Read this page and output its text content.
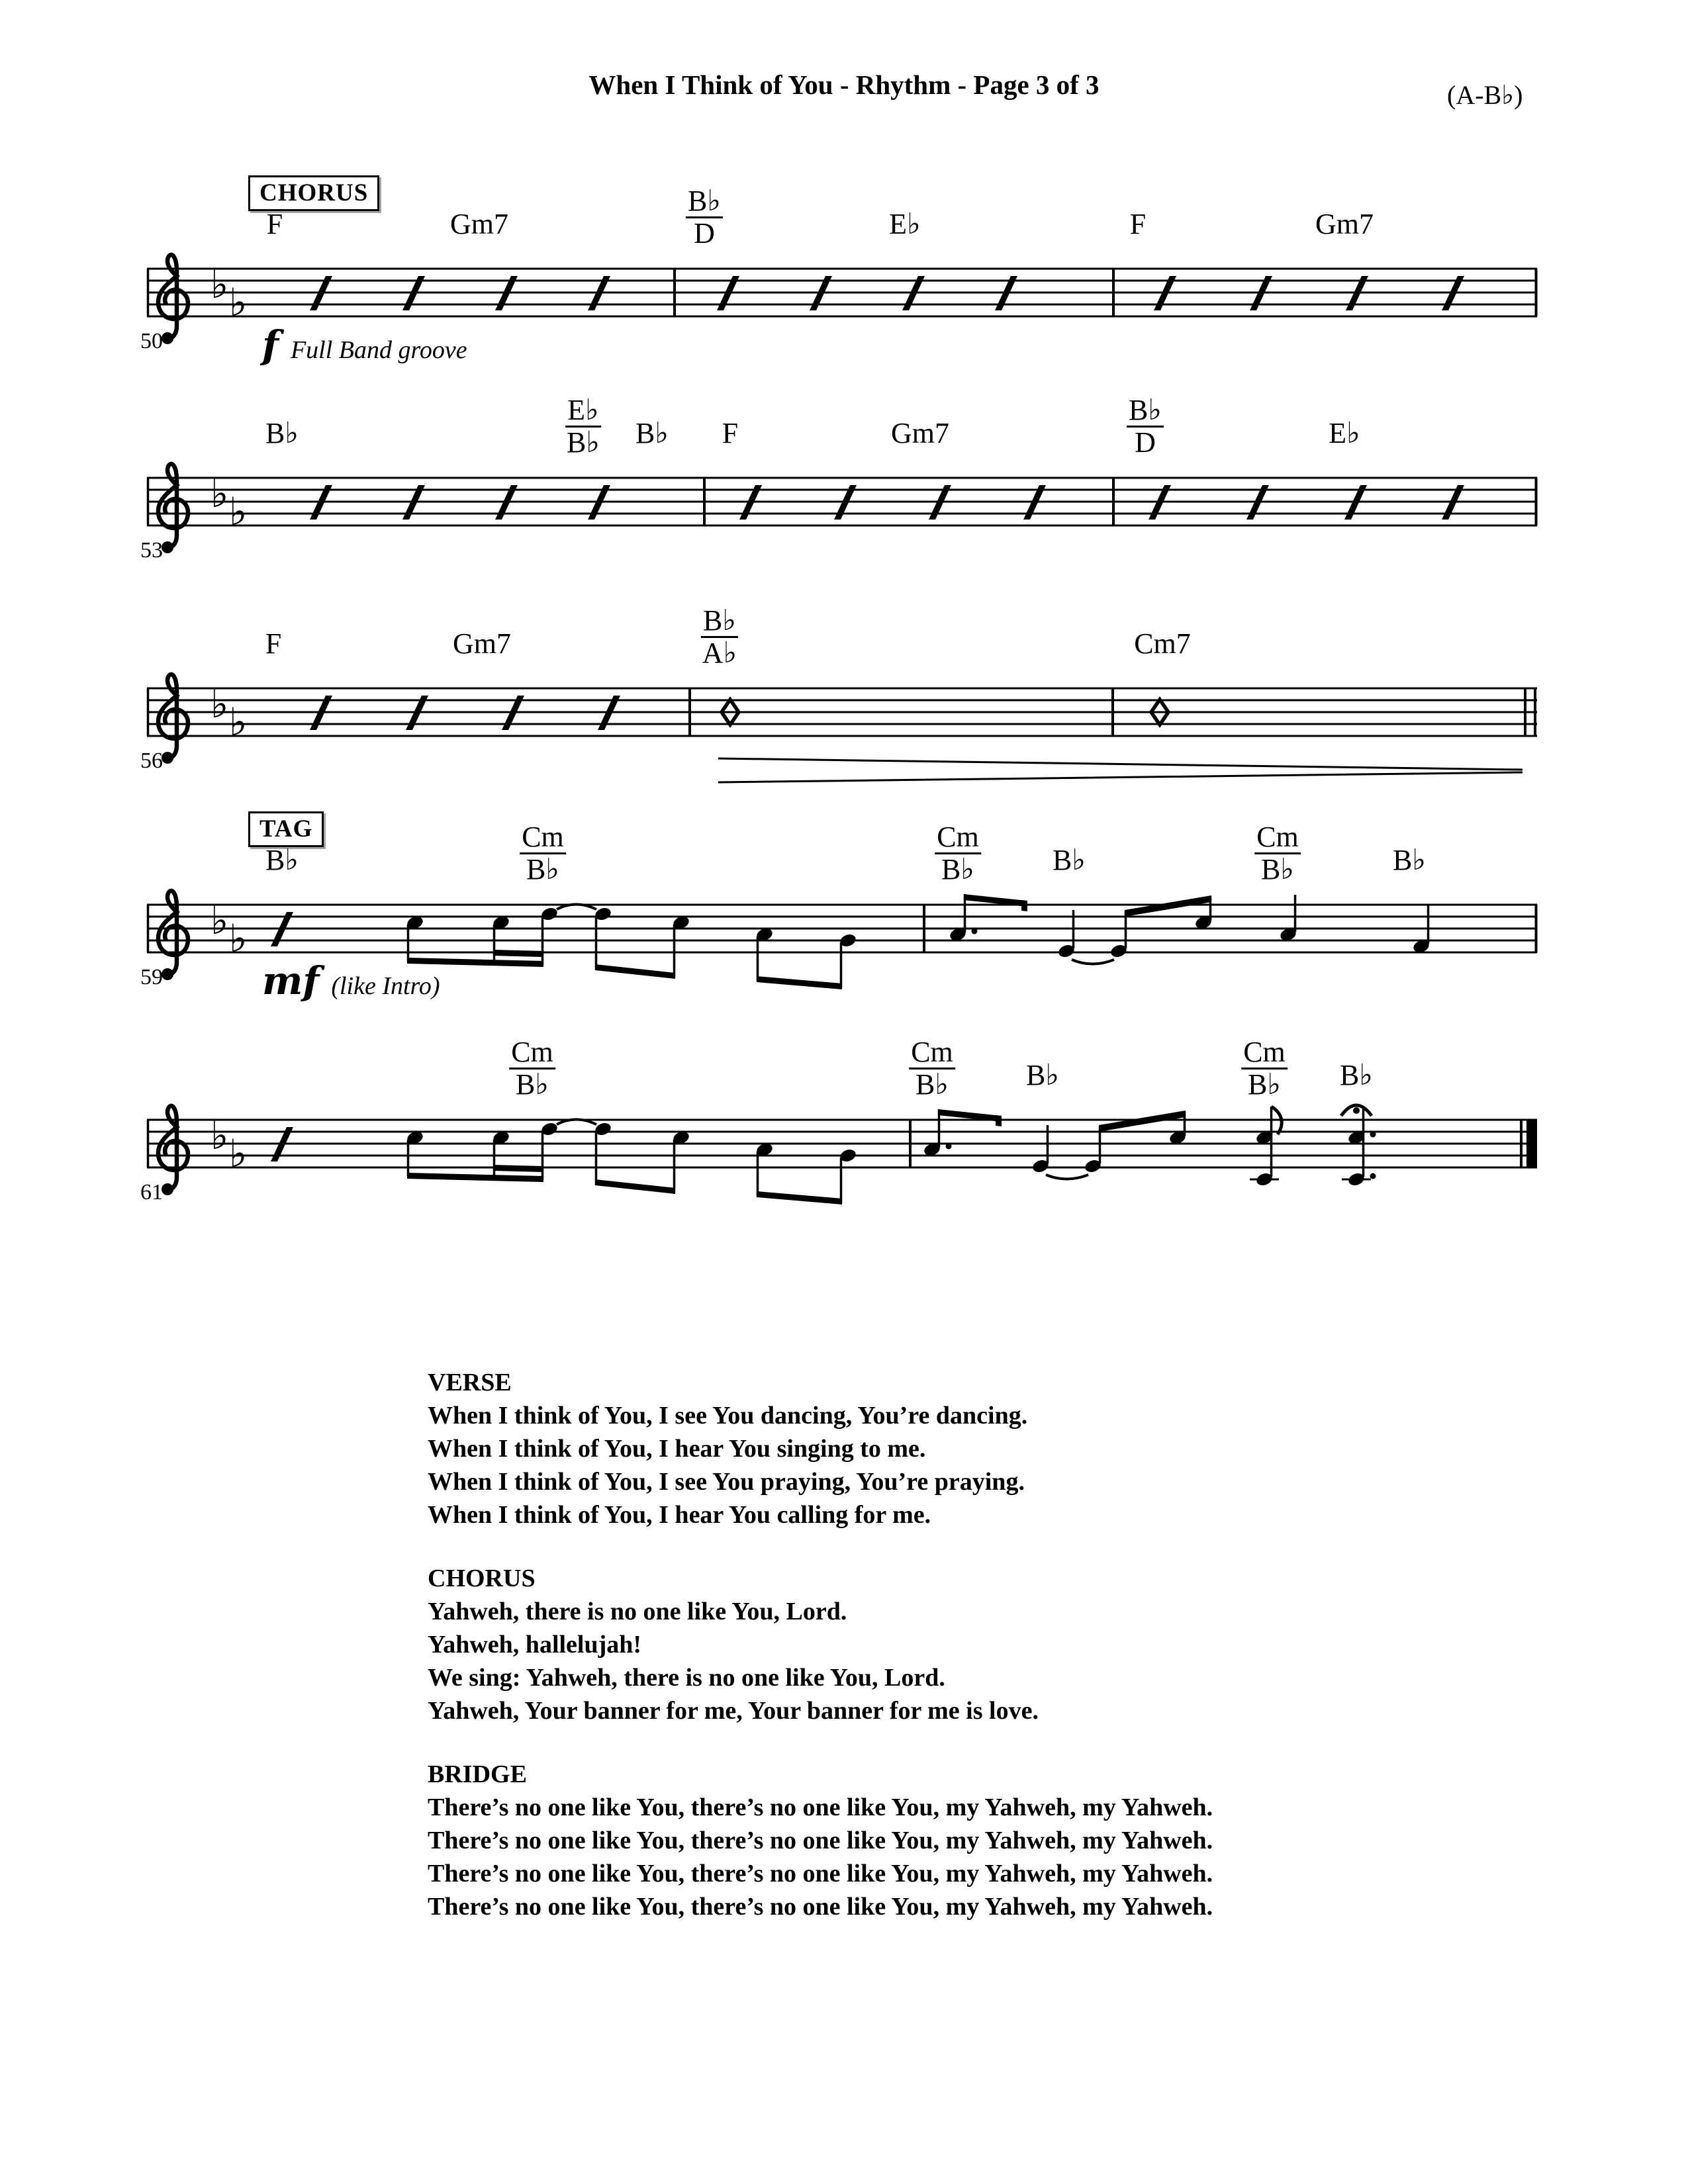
When I Think of You - Rhythm - Page 3 of 3	(A-B♭)
CHORUS
50	f Full Band groove
F	Gm7	$\frac{B♭}{D}$	E♭	F	Gm7
53
B♭	$\frac{E♭}{B♭}$ B♭ F	Gm7	$\frac{B♭}{D}$	E♭
56
F	Gm7	$\frac{B♭}{A♭}$	Cm7
TAG
59	mf (like Intro)
B♭	$\frac{Cm}{B♭}$	$\frac{Cm}{B♭}$ B♭	$\frac{Cm}{B♭}$	B♭
61
$\frac{Cm}{B♭}$	$\frac{Cm}{B♭}$ B♭	$\frac{Cm}{B♭}$ B♭
VERSE
When I think of You, I see You dancing, You’re dancing.
When I think of You, I hear You singing to me.
When I think of You, I see You praying, You’re praying.
When I think of You, I hear You calling for me.
CHORUS
Yahweh, there is no one like You, Lord.
Yahweh, hallelujah!
We sing: Yahweh, there is no one like You, Lord.
Yahweh, Your banner for me, Your banner for me is love.
BRIDGE
There’s no one like You, there’s no one like You, my Yahweh, my Yahweh.
There’s no one like You, there’s no one like You, my Yahweh, my Yahweh.
There’s no one like You, there’s no one like You, my Yahweh, my Yahweh.
There’s no one like You, there’s no one like You, my Yahweh, my Yahweh.
